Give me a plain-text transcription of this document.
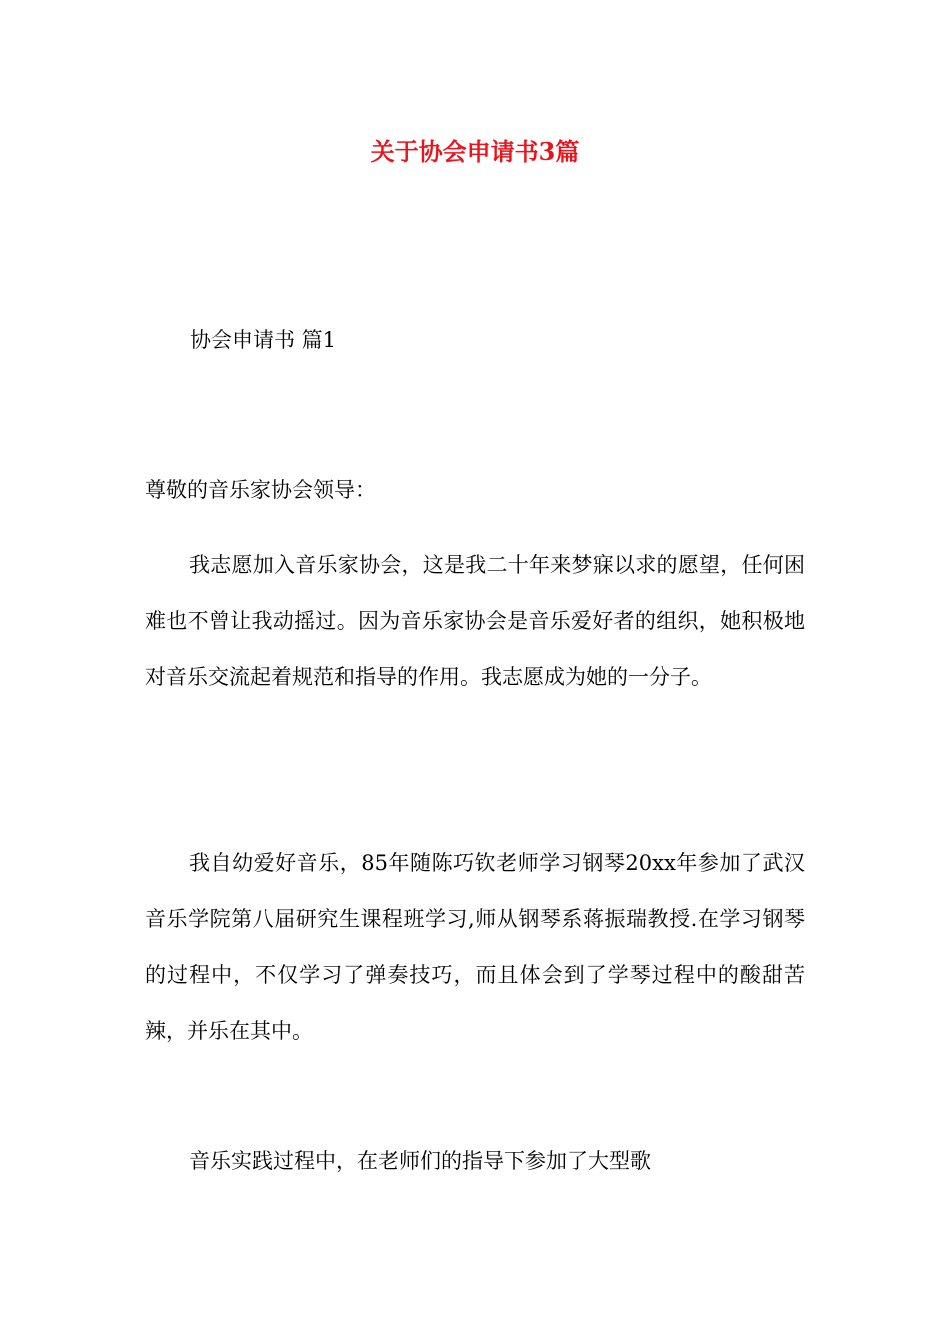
关于协会申请书3篇
协会申请书 篇1
尊敬的音乐家协会领导：

我志愿加入音乐家协会，这是我二十年来梦寐以求的愿望，任何困难也不曾让我动摇过。因为音乐家协会是音乐爱好者的组织，她积极地对音乐交流起着规范和指导的作用。我志愿成为她的一分子。

我自幼爱好音乐，85年随陈巧钦老师学习钢琴20xx年参加了武汉音乐学院第八届研究生课程班学习,师从钢琴系蒋振瑞教授.在学习钢琴的过程中，不仅学习了弹奏技巧，而且体会到了学琴过程中的酸甜苦辣，并乐在其中。

音乐实践过程中，在老师们的指导下参加了大型歌
